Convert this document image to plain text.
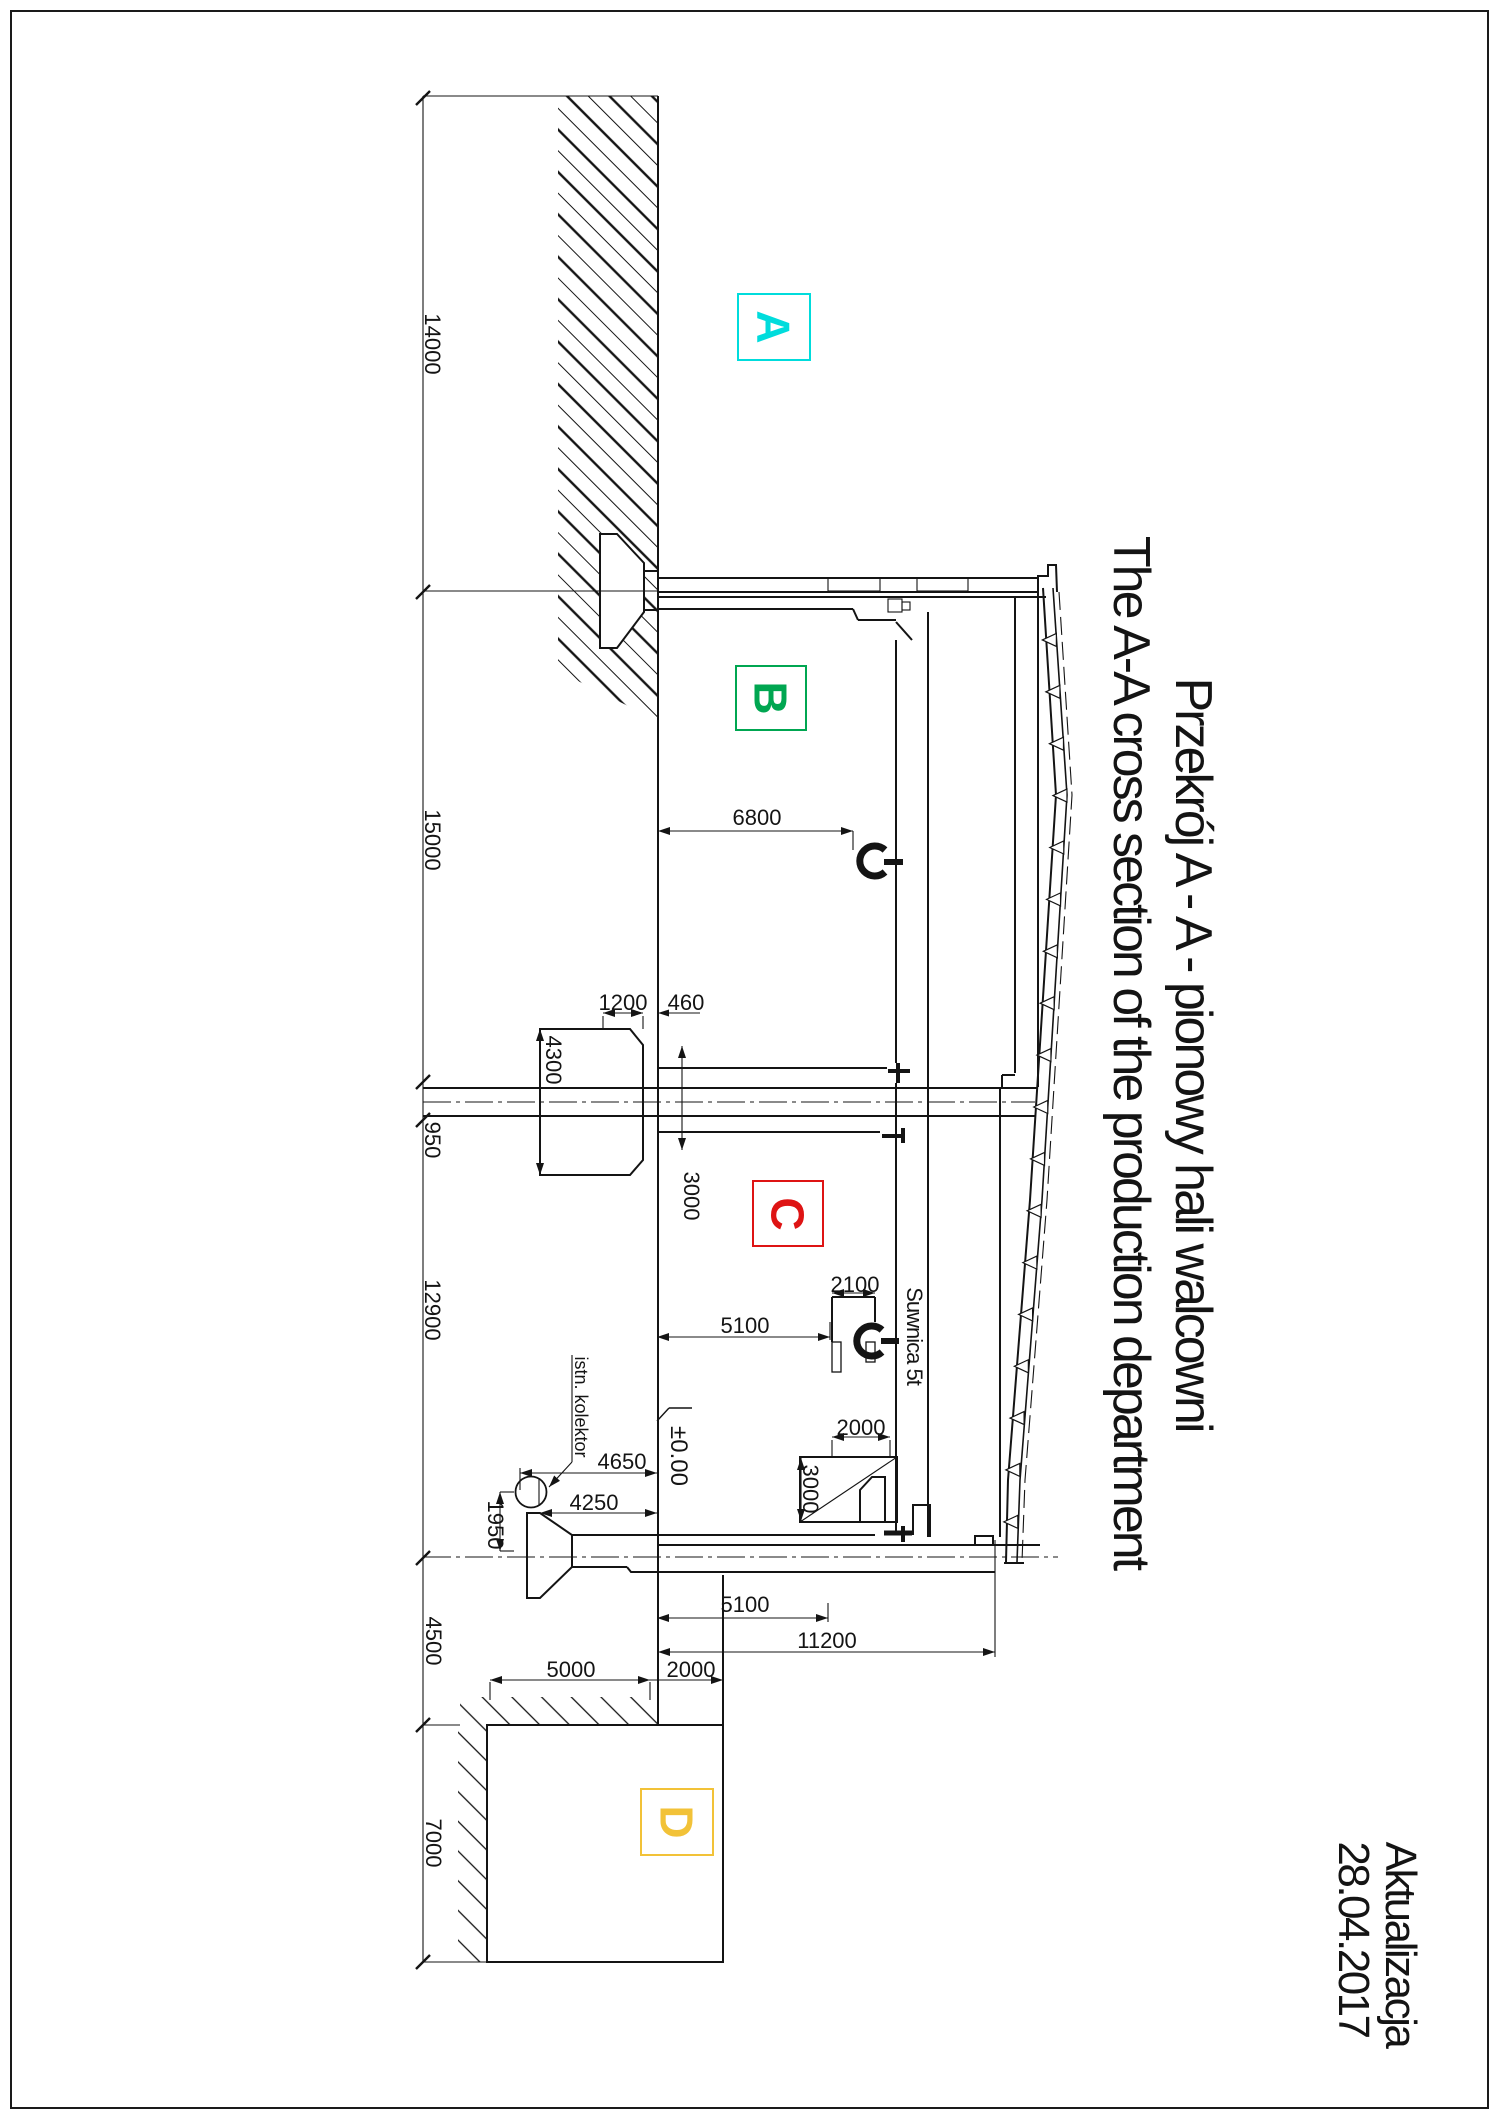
A
B
C
D
14000
15000
950
12900
4500
7000
1200 460
4300
3000
6800
5100
2100
2000
3000
4650
4250
1950
5100
11200
5000	2000
Suwnica 5t
istn. kolektor	±0.00
Przekrój A - A - pionowy hali walcowni
The A-A cross section of the production department
Aktualizacja
28.04.2017
